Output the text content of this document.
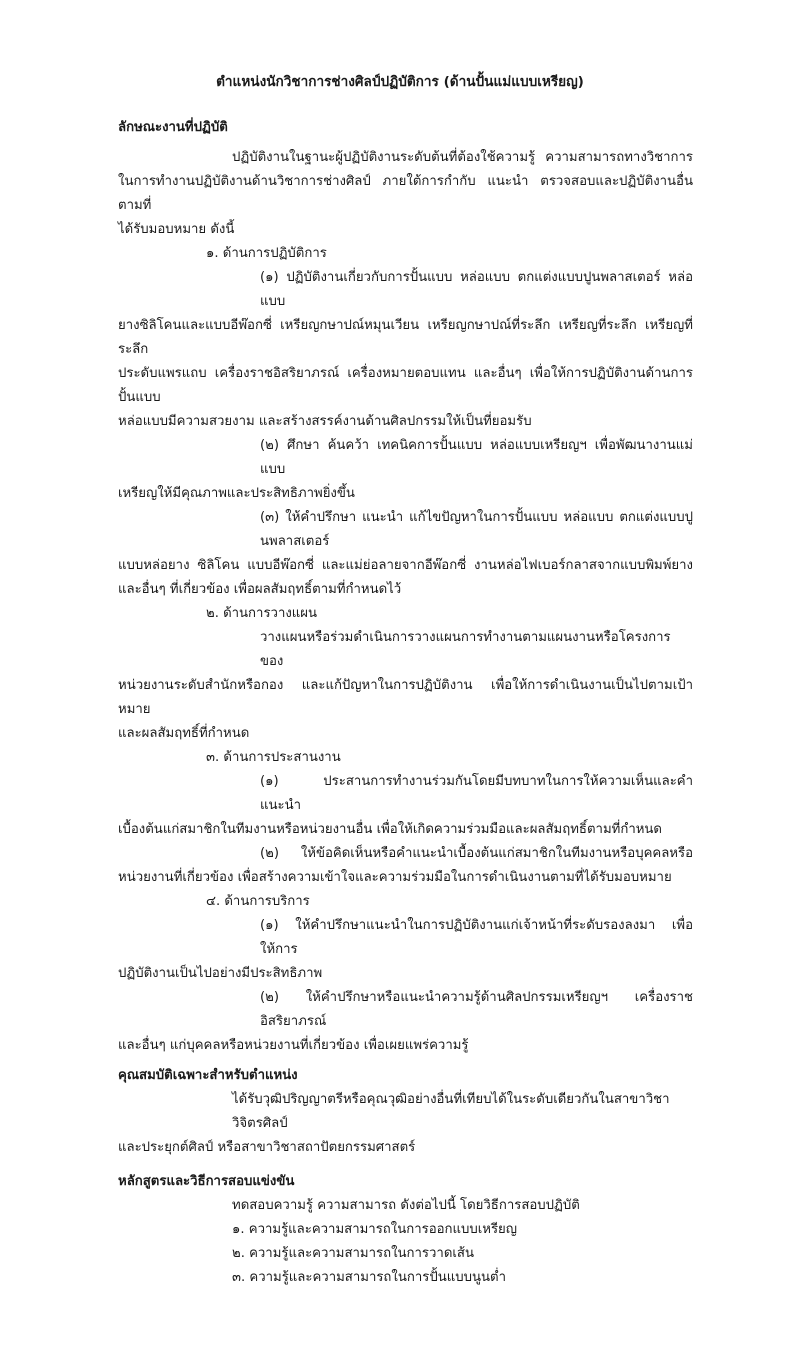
ตำแหน่งนักวิชาการช่างศิลป์ปฏิบัติการ (ด้านปั้นแม่แบบเหรียญ)
ลักษณะงานที่ปฏิบัติ
ปฏิบัติงานในฐานะผู้ปฏิบัติงานระดับต้นที่ต้องใช้ความรู้ ความสามารถทางวิชาการ
ในการทำงานปฏิบัติงานด้านวิชาการช่างศิลป์ ภายใต้การกำกับ แนะนำ ตรวจสอบและปฏิบัติงานอื่นตามที่
ได้รับมอบหมาย ดังนี้
๑. ด้านการปฏิบัติการ
(๑) ปฏิบัติงานเกี่ยวกับการปั้นแบบ หล่อแบบ ตกแต่งแบบปูนพลาสเตอร์ หล่อแบบ
ยางซิลิโคนและแบบอีพ๊อกซี่ เหรียญกษาปณ์หมุนเวียน เหรียญกษาปณ์ที่ระลึก เหรียญที่ระลึก เหรียญที่ระลึก
ประดับแพรแถบ เครื่องราชอิสริยาภรณ์ เครื่องหมายตอบแทน และอื่นๆ เพื่อให้การปฏิบัติงานด้านการปั้นแบบ
หล่อแบบมีความสวยงาม และสร้างสรรค์งานด้านศิลปกรรมให้เป็นที่ยอมรับ
(๒) ศึกษา ค้นคว้า เทคนิคการปั้นแบบ หล่อแบบเหรียญฯ เพื่อพัฒนางานแม่แบบ
เหรียญให้มีคุณภาพและประสิทธิภาพยิ่งขึ้น
(๓) ให้คำปรึกษา แนะนำ แก้ไขปัญหาในการปั้นแบบ หล่อแบบ ตกแต่งแบบปูนพลาสเตอร์
แบบหล่อยาง ซิลิโคน แบบอีพ๊อกซี่ และแม่ย่อลายจากอีพ๊อกซี่ งานหล่อไฟเบอร์กลาสจากแบบพิมพ์ยาง
และอื่นๆ ที่เกี่ยวข้อง เพื่อผลสัมฤทธิ์ตามที่กำหนดไว้
๒. ด้านการวางแผน
วางแผนหรือร่วมดำเนินการวางแผนการทำงานตามแผนงานหรือโครงการของ
หน่วยงานระดับสำนักหรือกอง และแก้ปัญหาในการปฏิบัติงาน เพื่อให้การดำเนินงานเป็นไปตามเป้าหมาย
และผลสัมฤทธิ์ที่กำหนด
๓. ด้านการประสานงาน
(๑) ประสานการทำงานร่วมกันโดยมีบทบาทในการให้ความเห็นและคำแนะนำ
เบื้องต้นแก่สมาชิกในทีมงานหรือหน่วยงานอื่น เพื่อให้เกิดความร่วมมือและผลสัมฤทธิ์ตามที่กำหนด
(๒) ให้ข้อคิดเห็นหรือคำแนะนำเบื้องต้นแก่สมาชิกในทีมงานหรือบุคคลหรือ
หน่วยงานที่เกี่ยวข้อง เพื่อสร้างความเข้าใจและความร่วมมือในการดำเนินงานตามที่ได้รับมอบหมาย
๔. ด้านการบริการ
(๑) ให้คำปรึกษาแนะนำในการปฏิบัติงานแก่เจ้าหน้าที่ระดับรองลงมา เพื่อให้การ
ปฏิบัติงานเป็นไปอย่างมีประสิทธิภาพ
(๒) ให้คำปรึกษาหรือแนะนำความรู้ด้านศิลปกรรมเหรียญฯ เครื่องราชอิสริยาภรณ์
และอื่นๆ แก่บุคคลหรือหน่วยงานที่เกี่ยวข้อง เพื่อเผยแพร่ความรู้
คุณสมบัติเฉพาะสำหรับตำแหน่ง
ได้รับวุฒิปริญญาตรีหรือคุณวุฒิอย่างอื่นที่เทียบได้ในระดับเดียวกันในสาขาวิชาวิจิตรศิลป์
และประยุกต์ศิลป์ หรือสาขาวิชาสถาปัตยกรรมศาสตร์
หลักสูตรและวิธีการสอบแข่งขัน
ทดสอบความรู้ ความสามารถ ดังต่อไปนี้ โดยวิธีการสอบปฏิบัติ
๑. ความรู้และความสามารถในการออกแบบเหรียญ
๒. ความรู้และความสามารถในการวาดเส้น
๓. ความรู้และความสามารถในการปั้นแบบนูนต่ำ
